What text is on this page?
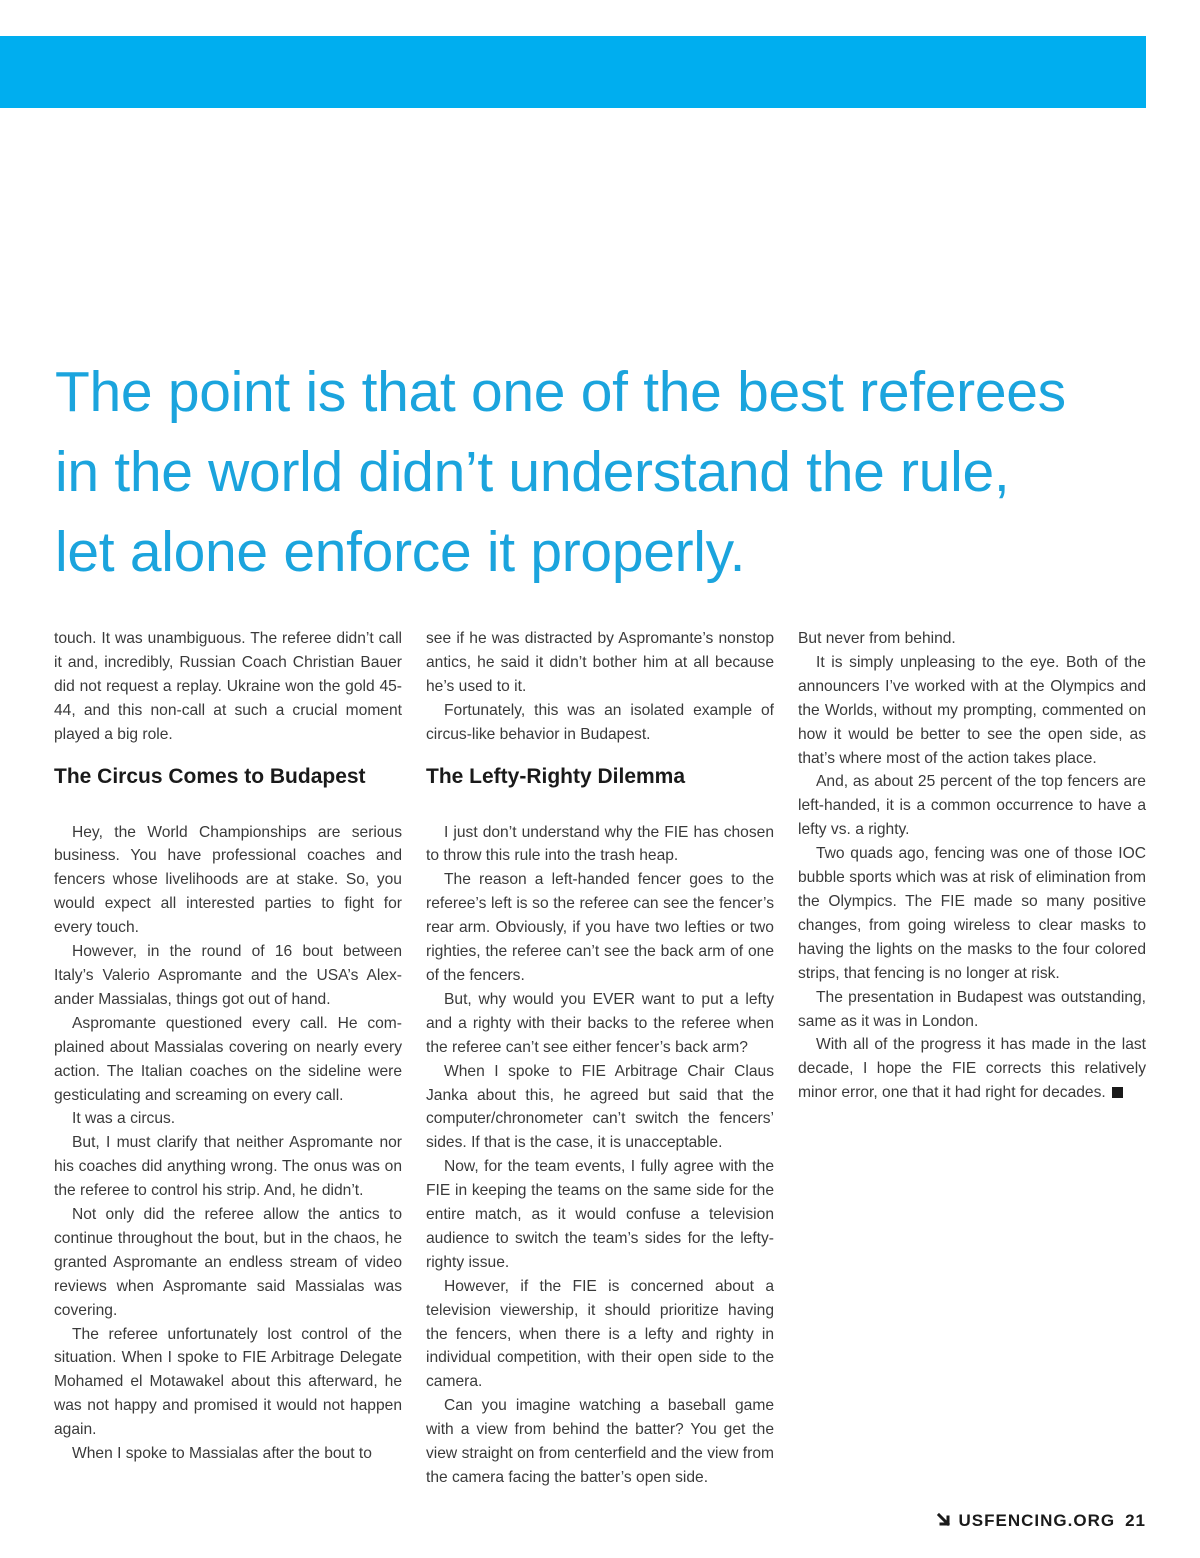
The point is that one of the best referees
in the world didn’t understand the rule,
let alone enforce it properly.

touch. It was unambiguous. The referee didn’t call it and, incredibly, Russian Coach Christian Bauer did not request a replay. Ukraine won the gold 45-44, and this non-call at such a crucial moment played a big role.

The Circus Comes to Budapest

Hey, the World Championships are serious business. You have professional coaches and fencers whose livelihoods are at stake. So, you would expect all interested parties to fight for every touch.

However, in the round of 16 bout between Italy’s Valerio Aspromante and the USA’s Alexander Massialas, things got out of hand.

Aspromante questioned every call. He complained about Massialas covering on nearly every action. The Italian coaches on the sideline were gesticulating and screaming on every call.

It was a circus.

But, I must clarify that neither Aspromante nor his coaches did anything wrong. The onus was on the referee to control his strip. And, he didn’t.

Not only did the referee allow the antics to continue throughout the bout, but in the chaos, he granted Aspromante an endless stream of video reviews when Aspromante said Massialas was covering.

The referee unfortunately lost control of the situation. When I spoke to FIE Arbitrage Delegate Mohamed el Motawakel about this afterward, he was not happy and promised it would not happen again.

When I spoke to Massialas after the bout to

see if he was distracted by Aspromante’s nonstop antics, he said it didn’t bother him at all because he’s used to it.

Fortunately, this was an isolated example of circus-like behavior in Budapest.

The Lefty-Righty Dilemma

I just don’t understand why the FIE has chosen to throw this rule into the trash heap.

The reason a left-handed fencer goes to the referee’s left is so the referee can see the fencer’s rear arm. Obviously, if you have two lefties or two righties, the referee can’t see the back arm of one of the fencers.

But, why would you EVER want to put a lefty and a righty with their backs to the referee when the referee can’t see either fencer’s back arm?

When I spoke to FIE Arbitrage Chair Claus Janka about this, he agreed but said that the computer/chronometer can’t switch the fencers’ sides. If that is the case, it is unacceptable.

Now, for the team events, I fully agree with the FIE in keeping the teams on the same side for the entire match, as it would confuse a television audience to switch the team’s sides for the lefty-righty issue.

However, if the FIE is concerned about a television viewership, it should prioritize having the fencers, when there is a lefty and righty in individual competition, with their open side to the camera.

Can you imagine watching a baseball game with a view from behind the batter? You get the view straight on from centerfield and the view from the camera facing the batter’s open side.

But never from behind.

It is simply unpleasing to the eye. Both of the announcers I’ve worked with at the Olympics and the Worlds, without my prompting, commented on how it would be better to see the open side, as that’s where most of the action takes place.

And, as about 25 percent of the top fencers are left-handed, it is a common occurrence to have a lefty vs. a righty.

Two quads ago, fencing was one of those IOC bubble sports which was at risk of elimination from the Olympics. The FIE made so many positive changes, from going wireless to clear masks to having the lights on the masks to the four colored strips, that fencing is no longer at risk.

The presentation in Budapest was outstanding, same as it was in London.

With all of the progress it has made in the last decade, I hope the FIE corrects this relatively minor error, one that it had right for decades.

USFENCING.ORG 21
